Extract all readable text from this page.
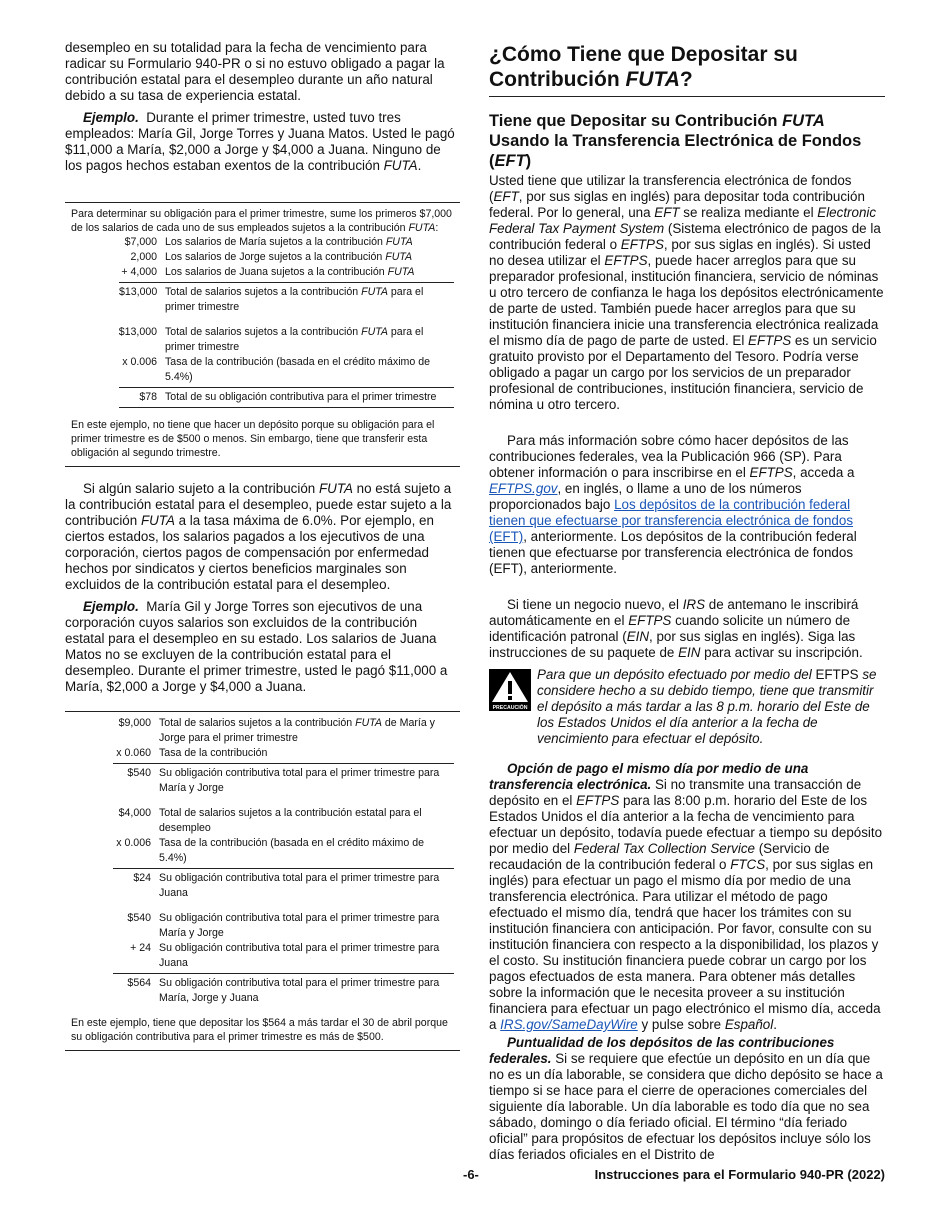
desempleo en su totalidad para la fecha de vencimiento para radicar su Formulario 940-PR o si no estuvo obligado a pagar la contribución estatal para el desempleo durante un año natural debido a su tasa de experiencia estatal.

Ejemplo. Durante el primer trimestre, usted tuvo tres empleados: María Gil, Jorge Torres y Juana Matos. Usted le pagó $11,000 a María, $2,000 a Jorge y $4,000 a Juana. Ninguno de los pagos hechos estaban exentos de la contribución FUTA.

Para determinar su obligación para el primer trimestre, sume los primeros $7,000 de los salarios de cada uno de sus empleados sujetos a la contribución FUTA:

$7,000 Los salarios de María sujetos a la contribución FUTA
2,000 Los salarios de Jorge sujetos a la contribución FUTA
+ 4,000 Los salarios de Juana sujetos a la contribución FUTA
$13,000 Total de salarios sujetos a la contribución FUTA para el primer trimestre
$13,000 Total de salarios sujetos a la contribución FUTA para el primer trimestre
x 0.006 Tasa de la contribución (basada en el crédito máximo de 5.4%)
$78 Total de su obligación contributiva para el primer trimestre

En este ejemplo, no tiene que hacer un depósito porque su obligación para el primer trimestre es de $500 o menos. Sin embargo, tiene que transferir esta obligación al segundo trimestre.

Si algún salario sujeto a la contribución FUTA no está sujeto a la contribución estatal para el desempleo, puede estar sujeto a la contribución FUTA a la tasa máxima de 6.0%. Por ejemplo, en ciertos estados, los salarios pagados a los ejecutivos de una corporación, ciertos pagos de compensación por enfermedad hechos por sindicatos y ciertos beneficios marginales son excluidos de la contribución estatal para el desempleo.

Ejemplo. María Gil y Jorge Torres son ejecutivos de una corporación cuyos salarios son excluidos de la contribución estatal para el desempleo en su estado. Los salarios de Juana Matos no se excluyen de la contribución estatal para el desempleo. Durante el primer trimestre, usted le pagó $11,000 a María, $2,000 a Jorge y $4,000 a Juana.

$9,000 Total de salarios sujetos a la contribución FUTA de María y Jorge para el primer trimestre
x 0.060 Tasa de la contribución
$540 Su obligación contributiva total para el primer trimestre para María y Jorge
$4,000 Total de salarios sujetos a la contribución estatal para el desempleo
x 0.006 Tasa de la contribución (basada en el crédito máximo de 5.4%)
$24 Su obligación contributiva total para el primer trimestre para Juana
$540 Su obligación contributiva total para el primer trimestre para María y Jorge
+ 24 Su obligación contributiva total para el primer trimestre para Juana
$564 Su obligación contributiva total para el primer trimestre para María, Jorge y Juana

En este ejemplo, tiene que depositar los $564 a más tardar el 30 de abril porque su obligación contributiva para el primer trimestre es más de $500.

¿Cómo Tiene que Depositar su Contribución FUTA?
Tiene que Depositar su Contribución FUTA Usando la Transferencia Electrónica de Fondos (EFT)

Usted tiene que utilizar la transferencia electrónica de fondos (EFT, por sus siglas en inglés) para depositar toda contribución federal. Por lo general, una EFT se realiza mediante el Electronic Federal Tax Payment System (Sistema electrónico de pagos de la contribución federal o EFTPS, por sus siglas en inglés). Si usted no desea utilizar el EFTPS, puede hacer arreglos para que su preparador profesional, institución financiera, servicio de nóminas u otro tercero de confianza le haga los depósitos electrónicamente de parte de usted. También puede hacer arreglos para que su institución financiera inicie una transferencia electrónica realizada el mismo día de pago de parte de usted. El EFTPS es un servicio gratuito provisto por el Departamento del Tesoro. Podría verse obligado a pagar un cargo por los servicios de un preparador profesional de contribuciones, institución financiera, servicio de nómina u otro tercero.

Para más información sobre cómo hacer depósitos de las contribuciones federales, vea la Publicación 966 (SP). Para obtener información o para inscribirse en el EFTPS, acceda a EFTPS.gov, en inglés, o llame a uno de los números proporcionados bajo Los depósitos de la contribución federal tienen que efectuarse por transferencia electrónica de fondos (EFT), anteriormente. Los depósitos de la contribución federal tienen que efectuarse por transferencia electrónica de fondos (EFT), anteriormente.

Si tiene un negocio nuevo, el IRS de antemano le inscribirá automáticamente en el EFTPS cuando solicite un número de identificación patronal (EIN, por sus siglas en inglés). Siga las instrucciones de su paquete de EIN para activar su inscripción.

PRECAUCIÓN

Para que un depósito efectuado por medio del EFTPS se considere hecho a su debido tiempo, tiene que transmitir el depósito a más tardar a las 8 p.m. horario del Este de los Estados Unidos el día anterior a la fecha de vencimiento para efectuar el depósito.

Opción de pago el mismo día por medio de una transferencia electrónica. Si no transmite una transacción de depósito en el EFTPS para las 8:00 p.m. horario del Este de los Estados Unidos el día anterior a la fecha de vencimiento para efectuar un depósito, todavía puede efectuar a tiempo su depósito por medio del Federal Tax Collection Service (Servicio de recaudación de la contribución federal o FTCS, por sus siglas en inglés) para efectuar un pago el mismo día por medio de una transferencia electrónica. Para utilizar el método de pago efectuado el mismo día, tendrá que hacer los trámites con su institución financiera con anticipación. Por favor, consulte con su institución financiera con respecto a la disponibilidad, los plazos y el costo. Su institución financiera puede cobrar un cargo por los pagos efectuados de esta manera. Para obtener más detalles sobre la información que le necesita proveer a su institución financiera para efectuar un pago electrónico el mismo día, acceda a IRS.gov/SameDayWire y pulse sobre Español.

Puntualidad de los depósitos de las contribuciones federales. Si se requiere que efectúe un depósito en un día que no es un día laborable, se considera que dicho depósito se hace a tiempo si se hace para el cierre de operaciones comerciales del siguiente día laborable. Un día laborable es todo día que no sea sábado, domingo o día feriado oficial. El término “día feriado oficial” para propósitos de efectuar los depósitos incluye sólo los días feriados oficiales en el Distrito de

-6-	Instrucciones para el Formulario 940-PR (2022)
